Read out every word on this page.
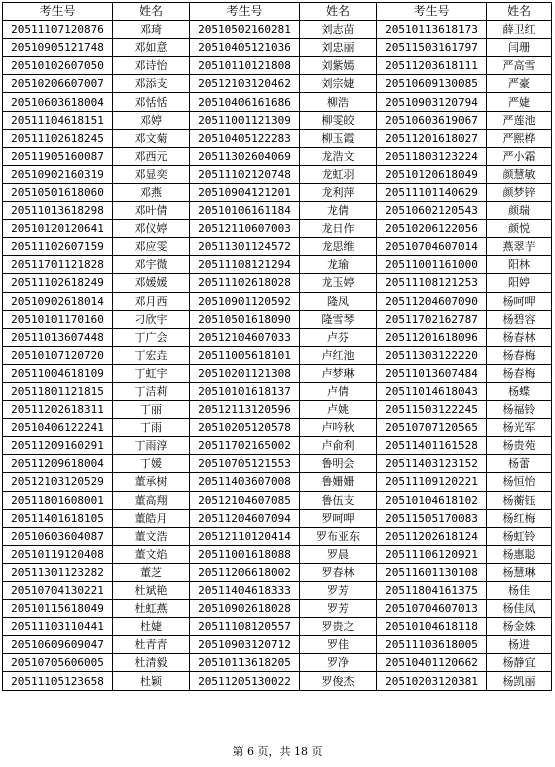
考生号	姓名	考生号	姓名	考生号	姓名
20511107120876	邓琦	20510502160281	刘志苗	20510113618173	薛卫红
20510905121748	邓如意	20510405121036	刘忠丽	20511503161797	闫珊
20510102607050	邓诗怡	20510110121808	刘紫嫣	20511203618111	严高雪
20510206607007	邓添支	20512103120462	刘宗婕	20510609130085	严豪
20510603618004	邓恬恬	20510406161686	柳浩	20510903120794	严婕
20511104618151	邓婷	20511001121309	柳雯皎	20510603619067	严莲池
20511102618245	邓文菊	20510405122283	柳玉霞	20511201618027	严熙桦
20511905160087	邓西元	20511302604069	龙浩文	20511803123224	严小霜
20510902160319	邓显奕	20511102120748	龙虹羽	20510120618049	颜慧敏
20510501618060	邓燕	20510904121201	龙利萍	20511101140629	颜梦锌
20511013618298	邓叶倩	20510106161184	龙倩	20510602120543	颜瑞
20510120120641	邓仪婷	20512110607003	龙日作	20510206122056	颜悦
20511102607159	邓应雯	20511301124572	龙思维	20510704607014	燕翠芋
20511701121828	邓宇微	20511108121294	龙瑜	20511001161000	阳林
20511102618249	邓媛媛	20511102618028	龙玉婷	20511108121253	阳婷
20510902618014	邓月西	20510901120592	隆凤	20511204607090	杨呵呷
20510101170160	刁欣宇	20510501618090	隆雪琴	20511702162787	杨碧容
20511013607448	丁广会	20512104607033	卢芬	20511201618096	杨春林
20510107120720	丁宏垚	20511005618101	卢红池	20511303122220	杨春梅
20511004618109	丁虹宇	20510201121308	卢梦琳	20511013607484	杨春梅
20511801121815	丁洁莉	20510101618137	卢倩	20511014618043	杨蝶
20511202618311	丁丽	20512113120596	卢姚	20511503122245	杨福铃
20510406122241	丁雨	20510205120578	卢吟秋	20510707120565	杨光军
20511209160291	丁雨淳	20511702165002	卢俞利	20511401161528	杨贵苑
20511209618004	丁媛	20510705121553	鲁明会	20511403123152	杨蕾
20512103120529	董承树	20511403607008	鲁姗姗	20511109120221	杨恒怡
20511801608001	董高翔	20512104607085	鲁伍支	20510104618102	杨蘅钰
20511401618105	董皓月	20511204607094	罗呵呷	20511505170083	杨红梅
20510603604087	董文浩	20512110120414	罗布亚东	20511202618124	杨虹铃
20510119120408	董文焰	20511001618088	罗晨	20511106120921	杨惠聪
20511301123282	董芝	20511206618002	罗春林	20511601130108	杨慧琳
20510704130221	杜斌艳	20511404618333	罗芳	20511804161375	杨佳
20510115618049	杜虹燕	20510902618028	罗芳	20510704607013	杨佳凤
20511103110441	杜婕	20511108120557	罗贵之	20510104618118	杨金姝
20510609609047	杜青青	20510903120712	罗佳	20511103618005	杨进
20510705606005	杜清毅	20510113618205	罗净	20510401120662	杨静宜
20511105123658	杜颖	20511205130022	罗俊杰	20510203120381	杨凯丽
第 6 页，共 18 页
